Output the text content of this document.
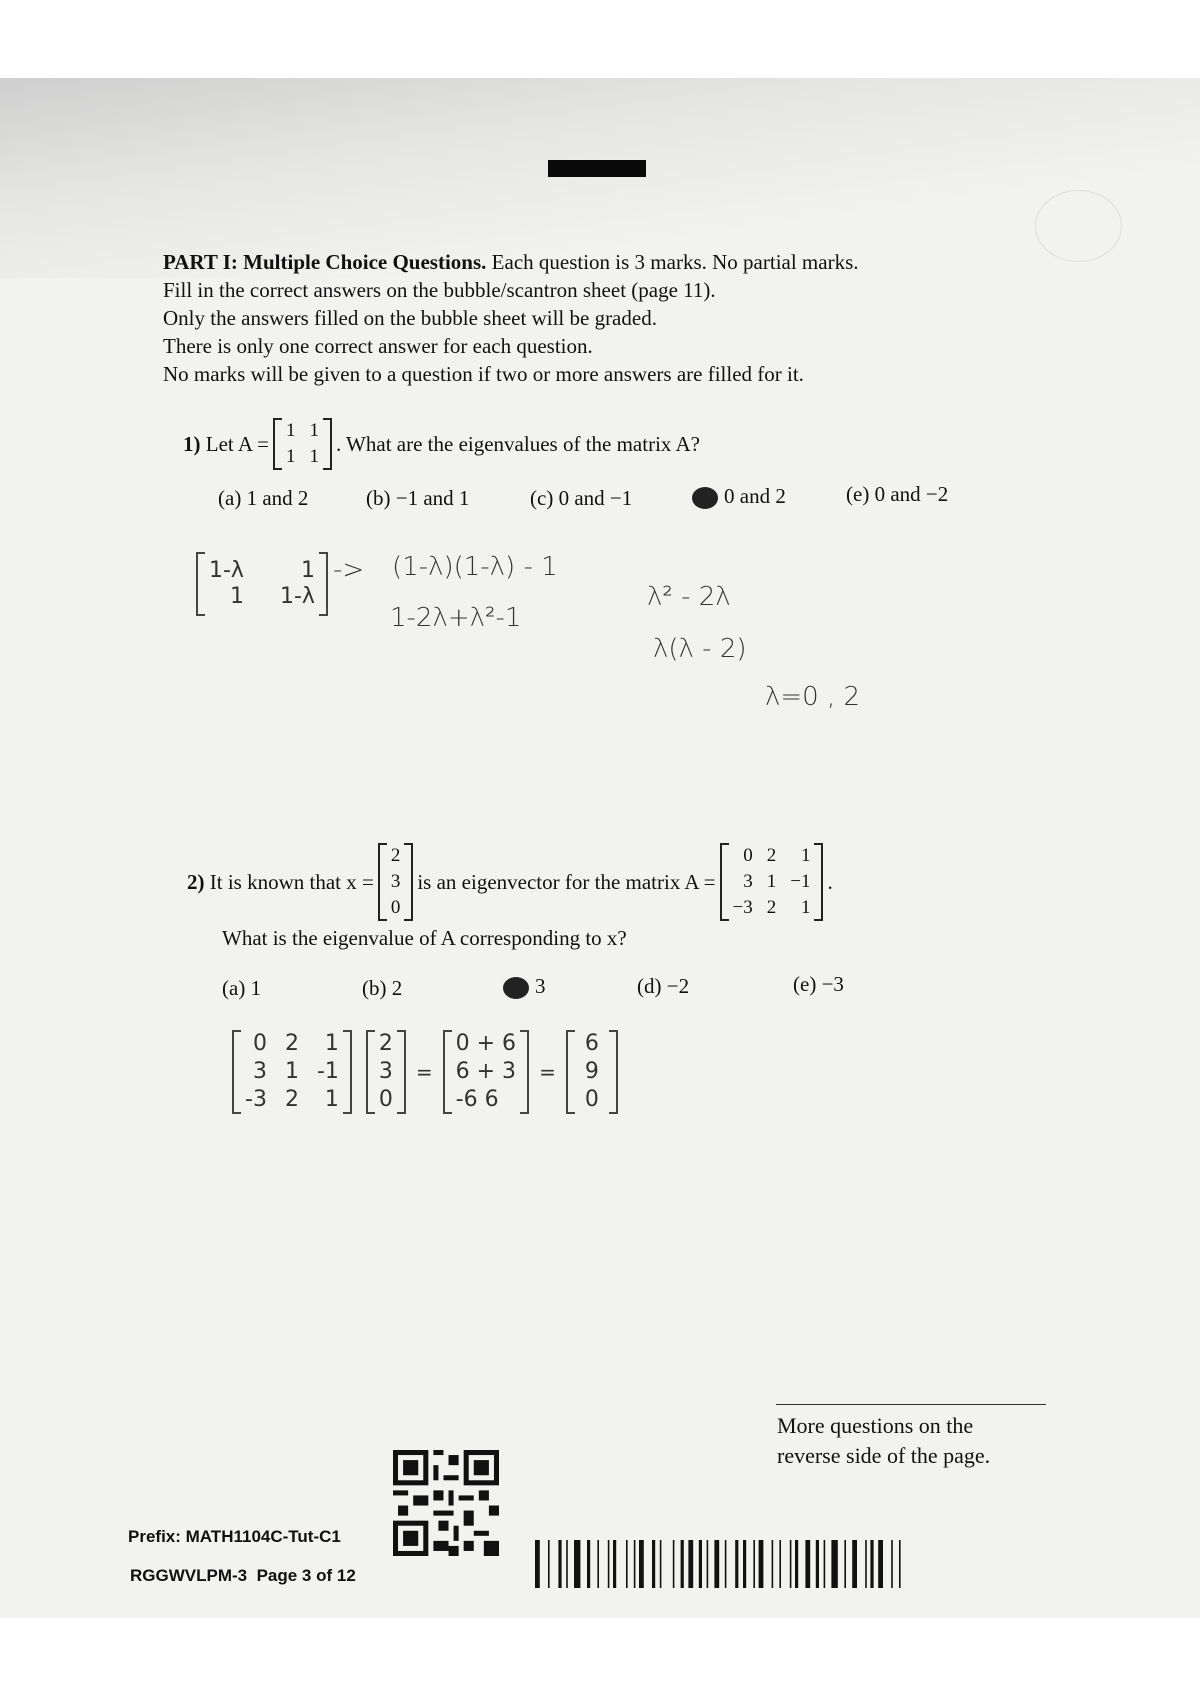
PART I: Multiple Choice Questions. Each question is 3 marks. No partial marks.
Fill in the correct answers on the bubble/scantron sheet (page 11).
Only the answers filled on the bubble sheet will be graded.
There is only one correct answer for each question.
No marks will be given to a question if two or more answers are filled for it.
1)
Let A =
1 1
1 1
. What are the eigenvalues of the matrix A?
(a) 1 and 2	(b) −1 and 1	(c) 0 and −1	0 and 2	(e) 0 and −2
1-λ	1
1 1-λ
-> (1-λ)(1-λ) - 1
1-2λ+λ²-1
λ² - 2λ
λ(λ - 2)
λ=0 , 2
2)
It is known that x =
2
3
0
is an eigenvector for the matrix A =
0 2	1
3 1 −1
−3 2	1
.
What is the eigenvalue of A corresponding to x?
(a) 1	(b) 2	3	(d) −2	(e) −3
0 2	1
3 1 -1
-3 2	1
2
3
0
=
0 + 6
6 + 3
-6 6
=
6
9
0
More questions on the
reverse side of the page.
Prefix: MATH1104C-Tut-C1
RGGWVLPM-3 Page 3 of 12
